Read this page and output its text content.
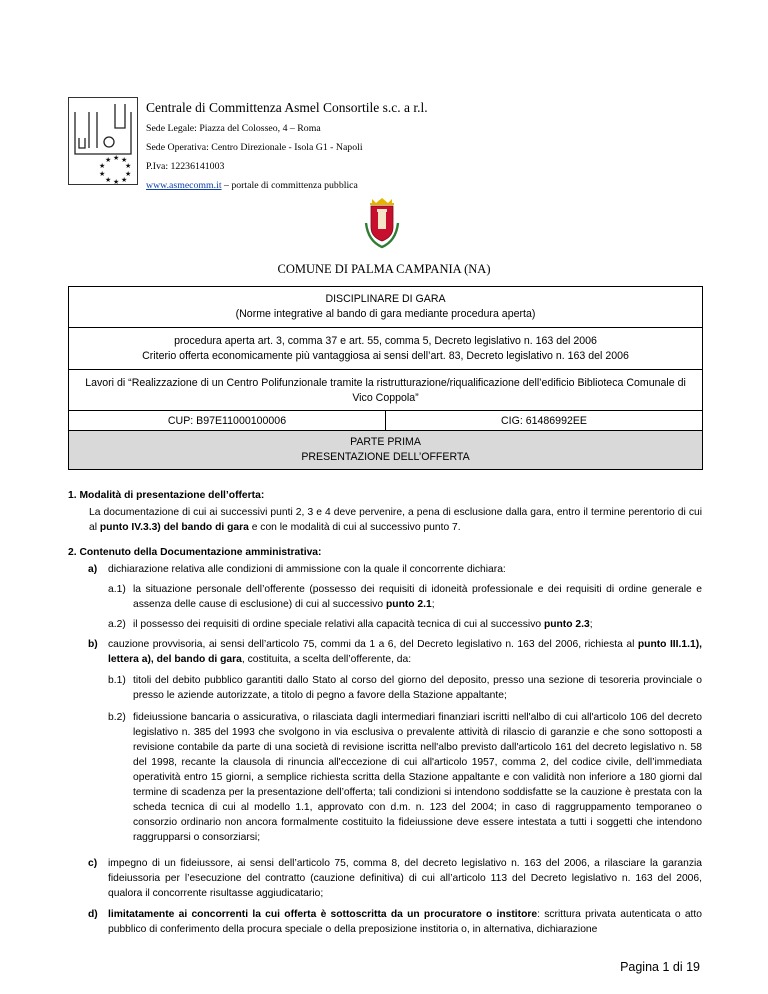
★ ★ ★
★	★
★	★
★ ★ ★
Centrale di Committenza Asmel Consortile s.c. a r.l.
Sede Legale: Piazza del Colosseo, 4 – Roma
Sede Operativa: Centro Direzionale - Isola G1 - Napoli
P.Iva: 12236141003
www.asmecomm.it – portale di committenza pubblica
COMUNE DI PALMA CAMPANIA (NA)
DISCIPLINARE DI GARA
(Norme integrative al bando di gara mediante procedura aperta)
procedura aperta art. 3, comma 37 e art. 55, comma 5, Decreto legislativo n. 163 del 2006
Criterio offerta economicamente più vantaggiosa ai sensi dell’art. 83, Decreto legislativo n. 163 del 2006
Lavori di “Realizzazione di un Centro Polifunzionale tramite la ristrutturazione/riqualificazione dell’edificio Biblioteca Comunale di Vico Coppola”
CUP: B97E11000100006	CIG: 61486992EE
PARTE PRIMA
PRESENTAZIONE DELL’OFFERTA
1. Modalità di presentazione dell’offerta:
La documentazione di cui ai successivi punti 2, 3 e 4 deve pervenire, a pena di esclusione dalla gara, entro il termine perentorio di cui al punto IV.3.3) del bando di gara e con le modalità di cui al successivo punto 7.
2. Contenuto della Documentazione amministrativa:
a) dichiarazione relativa alle condizioni di ammissione con la quale il concorrente dichiara:
a.1) la situazione personale dell’offerente (possesso dei requisiti di idoneità professionale e dei requisiti di ordine generale e assenza delle cause di esclusione) di cui al successivo punto 2.1;
a.2) il possesso dei requisiti di ordine speciale relativi alla capacità tecnica di cui al successivo punto 2.3;
b) cauzione provvisoria, ai sensi dell’articolo 75, commi da 1 a 6, del Decreto legislativo n. 163 del 2006, richiesta al punto III.1.1), lettera a), del bando di gara, costituita, a scelta dell’offerente, da:
b.1) titoli del debito pubblico garantiti dallo Stato al corso del giorno del deposito, presso una sezione di tesoreria provinciale o presso le aziende autorizzate, a titolo di pegno a favore della Stazione appaltante;
b.2) fideiussione bancaria o assicurativa, o rilasciata dagli intermediari finanziari iscritti nell'albo di cui all'articolo 106 del decreto legislativo n. 385 del 1993 che svolgono in via esclusiva o prevalente attività di rilascio di garanzie e che sono sottoposti a revisione contabile da parte di una società di revisione iscritta nell'albo previsto dall'articolo 161 del decreto legislativo n. 58 del 1998, recante la clausola di rinuncia all'eccezione di cui all'articolo 1957, comma 2, del codice civile, dell’immediata operatività entro 15 giorni, a semplice richiesta scritta della Stazione appaltante e con validità non inferiore a 180 giorni dal termine di scadenza per la presentazione dell’offerta; tali condizioni si intendono soddisfatte se la cauzione è prestata con la scheda tecnica di cui al modello 1.1, approvato con d.m. n. 123 del 2004; in caso di raggruppamento temporaneo o consorzio ordinario non ancora formalmente costituito la fideiussione deve essere intestata a tutti i soggetti che intendono raggrupparsi o consorziarsi;
c) impegno di un fideiussore, ai sensi dell’articolo 75, comma 8, del decreto legislativo n. 163 del 2006, a rilasciare la garanzia fideiussoria per l’esecuzione del contratto (cauzione definitiva) di cui all’articolo 113 del Decreto legislativo n. 163 del 2006, qualora il concorrente risultasse aggiudicatario;
d) limitatamente ai concorrenti la cui offerta è sottoscritta da un procuratore o institore: scrittura privata autenticata o atto pubblico di conferimento della procura speciale o della preposizione institoria o, in alternativa, dichiarazione
Pagina 1 di 19
